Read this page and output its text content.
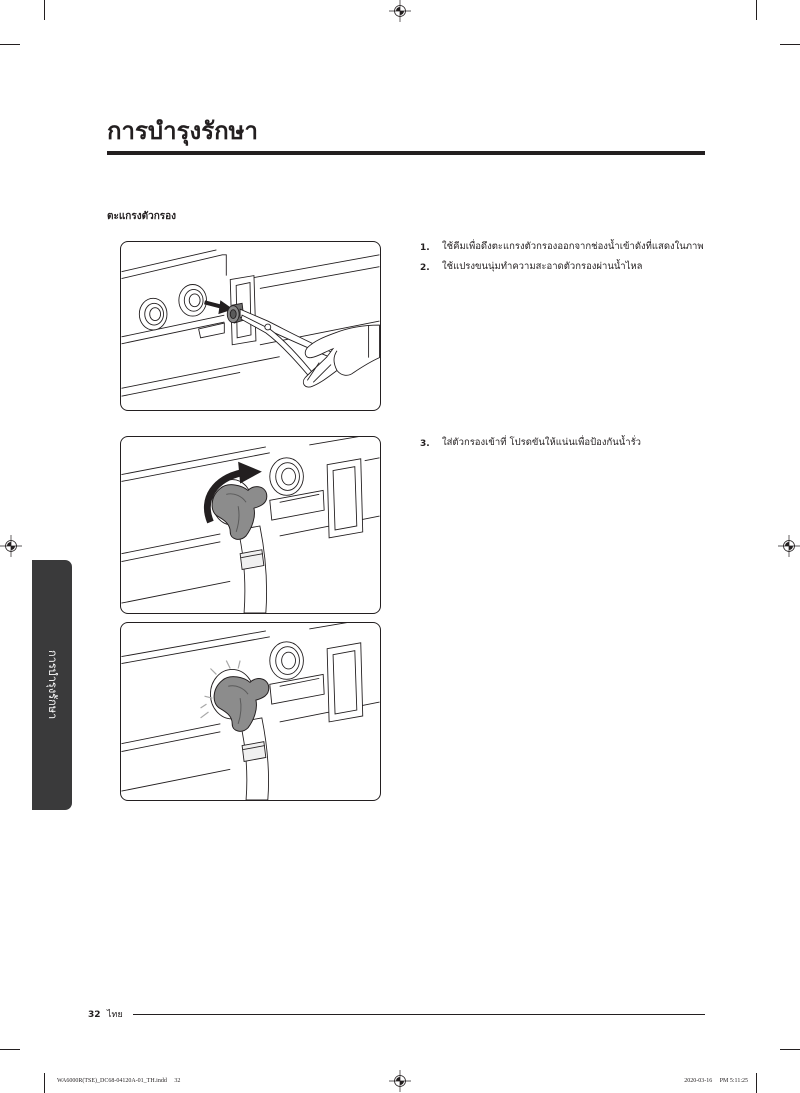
การบำรุงรักษา
ตะแกรงตัวกรอง
1. ใช้คีมเพื่อดึงตะแกรงตัวกรองออกจากช่องน้ำเข้าดังที่แสดงในภาพ
2. ใช้แปรงขนนุ่มทำความสะอาดตัวกรองผ่านน้ำไหล
3. ใส่ตัวกรองเข้าที่ โปรดขันให้แน่นเพื่อป้องกันน้ำรั่ว
การบำรุงรักษา
32 ไทย
WA6000R(TSE)_DC68-04120A-01_TH.indd 32	2020-03-16 PM 5:11:25
